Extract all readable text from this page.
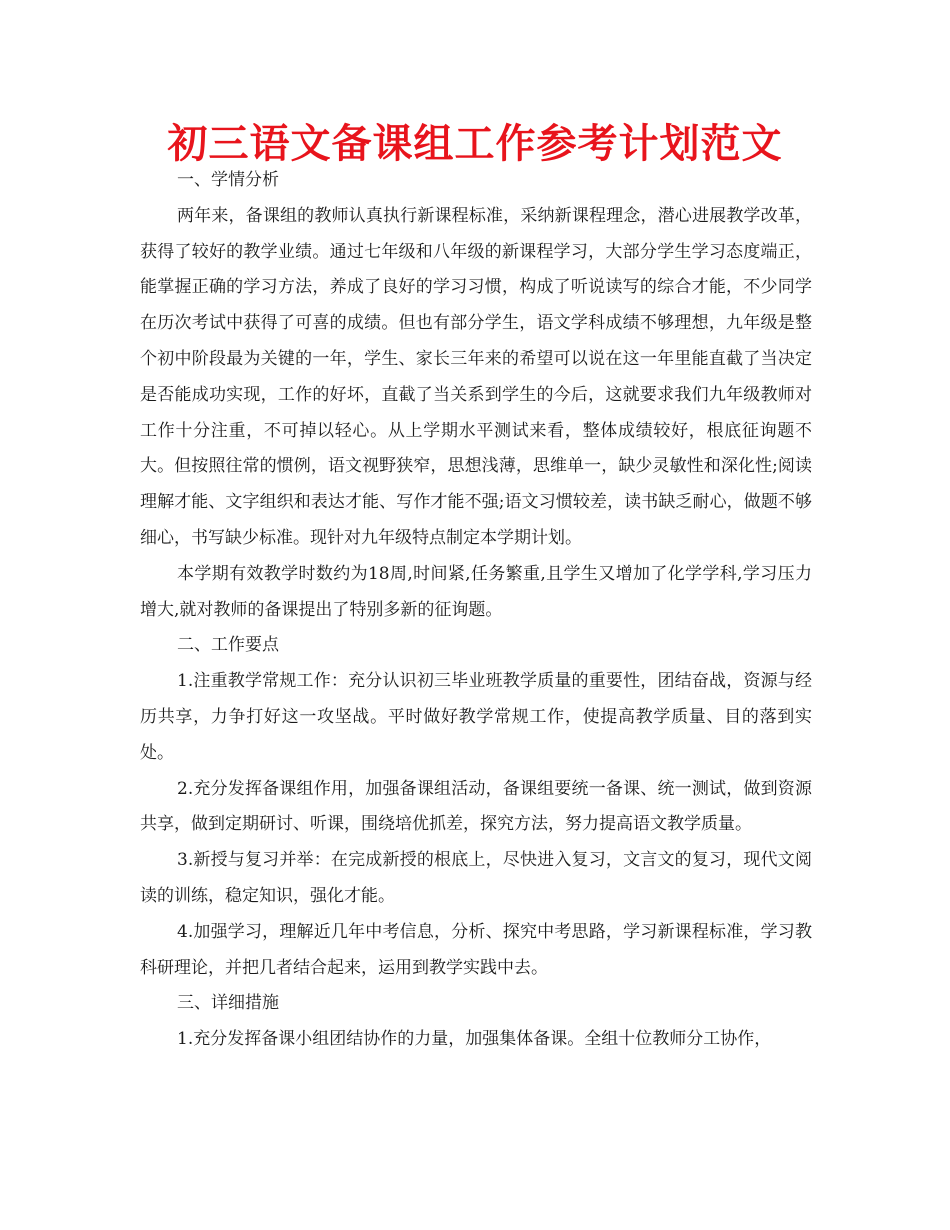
初三语文备课组工作参考计划范文

一、学情分析

两年来，备课组的教师认真执行新课程标准，采纳新课程理念，潜心进展教学改革，获得了较好的教学业绩。通过七年级和八年级的新课程学习，大部分学生学习态度端正，能掌握正确的学习方法，养成了良好的学习习惯，构成了听说读写的综合才能，不少同学在历次考试中获得了可喜的成绩。但也有部分学生，语文学科成绩不够理想，九年级是整个初中阶段最为关键的一年，学生、家长三年来的希望可以说在这一年里能直截了当决定是否能成功实现，工作的好坏，直截了当关系到学生的今后，这就要求我们九年级教师对工作十分注重，不可掉以轻心。从上学期水平测试来看，整体成绩较好，根底征询题不大。但按照往常的惯例，语文视野狭窄，思想浅薄，思维单一，缺少灵敏性和深化性;阅读理解才能、文字组织和表达才能、写作才能不强;语文习惯较差，读书缺乏耐心，做题不够细心，书写缺少标准。现针对九年级特点制定本学期计划。

本学期有效教学时数约为18周,时间紧,任务繁重,且学生又增加了化学学科,学习压力增大,就对教师的备课提出了特别多新的征询题。

二、工作要点

1.注重教学常规工作：充分认识初三毕业班教学质量的重要性，团结奋战，资源与经历共享，力争打好这一攻坚战。平时做好教学常规工作，使提高教学质量、目的落到实处。

2.充分发挥备课组作用，加强备课组活动，备课组要统一备课、统一测试，做到资源共享，做到定期研讨、听课，围绕培优抓差，探究方法，努力提高语文教学质量。

3.新授与复习并举：在完成新授的根底上，尽快进入复习，文言文的复习，现代文阅读的训练，稳定知识，强化才能。

4.加强学习，理解近几年中考信息，分析、探究中考思路，学习新课程标准，学习教科研理论，并把几者结合起来，运用到教学实践中去。

三、详细措施

1.充分发挥备课小组团结协作的力量，加强集体备课。全组十位教师分工协作，
